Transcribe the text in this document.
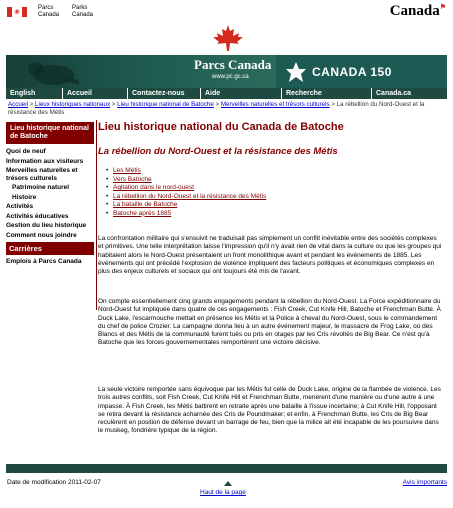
❀
Parcs
Canada
Parks
Canada	Canada⚑
Parcs Canada
www.pc.gc.ca	CANADA 150
English	Accueil	Contactez-nous	Aide	Recherche	Canada.ca
Accueil > Lieux historiques nationaux > Lieu historique national de Batoche > Merveilles naturelles et trésors culturels > La rébellion du Nord-Ouest et la résistance des Métis
Lieu historique national de Batoche
Quoi de neuf
Information aux visiteurs
Merveilles naturelles et trésors culturels
Patrimoine naturel
Histoire
Activités
Activités éducatives
Gestion du lieu historique
Comment nous joindre
Carrières
Emplois à Parcs Canada
Lieu historique national du Canada de Batoche
La rébellion du Nord-Ouest et la résistance des Métis
• Les Métis
• Vers Batoche
• Agitation dans le nord-ouest
• La rébellion du Nord-Ouest et la résistance des Métis
• La bataille de Batoche
• Batoche après 1885

La confrontation militaire qui s'ensuivit ne traduisait pas simplement un conflit inévitable entre des sociétés complexes et primitives. Une telle interprétation laisse l'impression qu'il n'y avait rien de vital dans la culture ou que les groupes qui habitaient alors le Nord-Ouest présentaient un front monolithique avant et pendant les événements de 1885. Les événements qui ont précédé l'explosion de violence impliquent des facteurs politiques et économiques complexes en plus des enjeux culturels et sociaux qui ont toujours été mis de l'avant.

On compte essentiellement cinq grands engagements pendant la rébellion du Nord-Ouest. La Force expéditionnaire du Nord-Ouest fut impliquée dans quatre de ces engagements : Fish Creek, Cut Knife Hill, Batoche et Frenchman Butte. À Duck Lake, l'escarmouche mettait en présence les Métis et la Police à cheval du Nord-Ouest, sous le commandement du chef de police Crozier. La campagne donna lieu à un autre événement majeur, le massacre de Frog Lake, où des Blancs et des Métis de la communauté furent tués ou pris en otages par les Cris révoltés de Big Bear. Ce n'est qu'à Batoche que les forces gouvernementales remportèrent une victoire décisive.

La seule victoire remportée sans équivoque par les Métis fut celle de Duck Lake, origine de la flambée de violence. Les trois autres conflits, soit Fish Creek, Cut Knife Hill et Frenchman Butte, menèrent d'une manière ou d'une autre à une impasse. À Fish Creek, les Métis battirent en retraite après une bataille à l'issue incertaine; à Cut Knife Hill, l'opposant se retira devant la résistance acharnée des Cris de Poundmaker; et enfin, à Frenchman Butte, les Cris de Big Bear reculèrent en position de défense devant un barrage de feu, bien que la milice ait été incapable de les poursuivre dans le muskeg, fondrière typique de la région.

Date de modification 2011-02-07	Avis importants
Haut de la page
